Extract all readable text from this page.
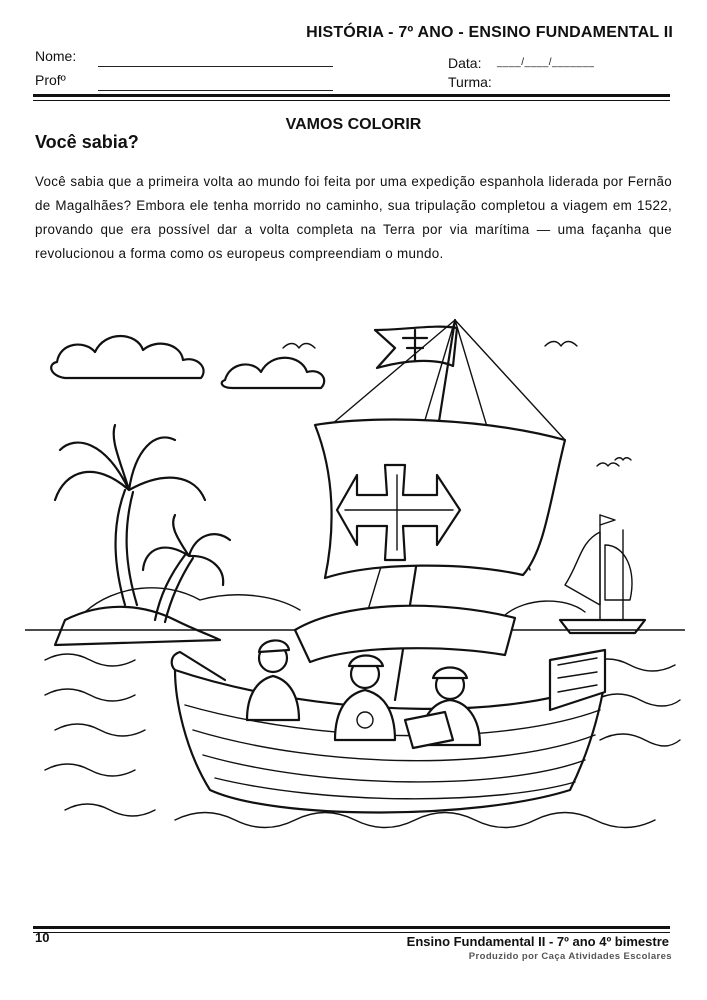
HISTÓRIA - 7º ANO - ENSINO FUNDAMENTAL II
Nome:
Profº
Data: ____/____/_______
Turma:
VAMOS COLORIR
Você sabia?
Você sabia que a primeira volta ao mundo foi feita por uma expedição espanhola liderada por Fernão de Magalhães? Embora ele tenha morrido no caminho, sua tripulação completou a viagem em 1522, provando que era possível dar a volta completa na Terra por via marítima — uma façanha que revolucionou a forma como os europeus compreendiam o mundo.
10	Ensino Fundamental II - 7º ano 4º bimestre
Produzido por Caça Atividades Escolares
